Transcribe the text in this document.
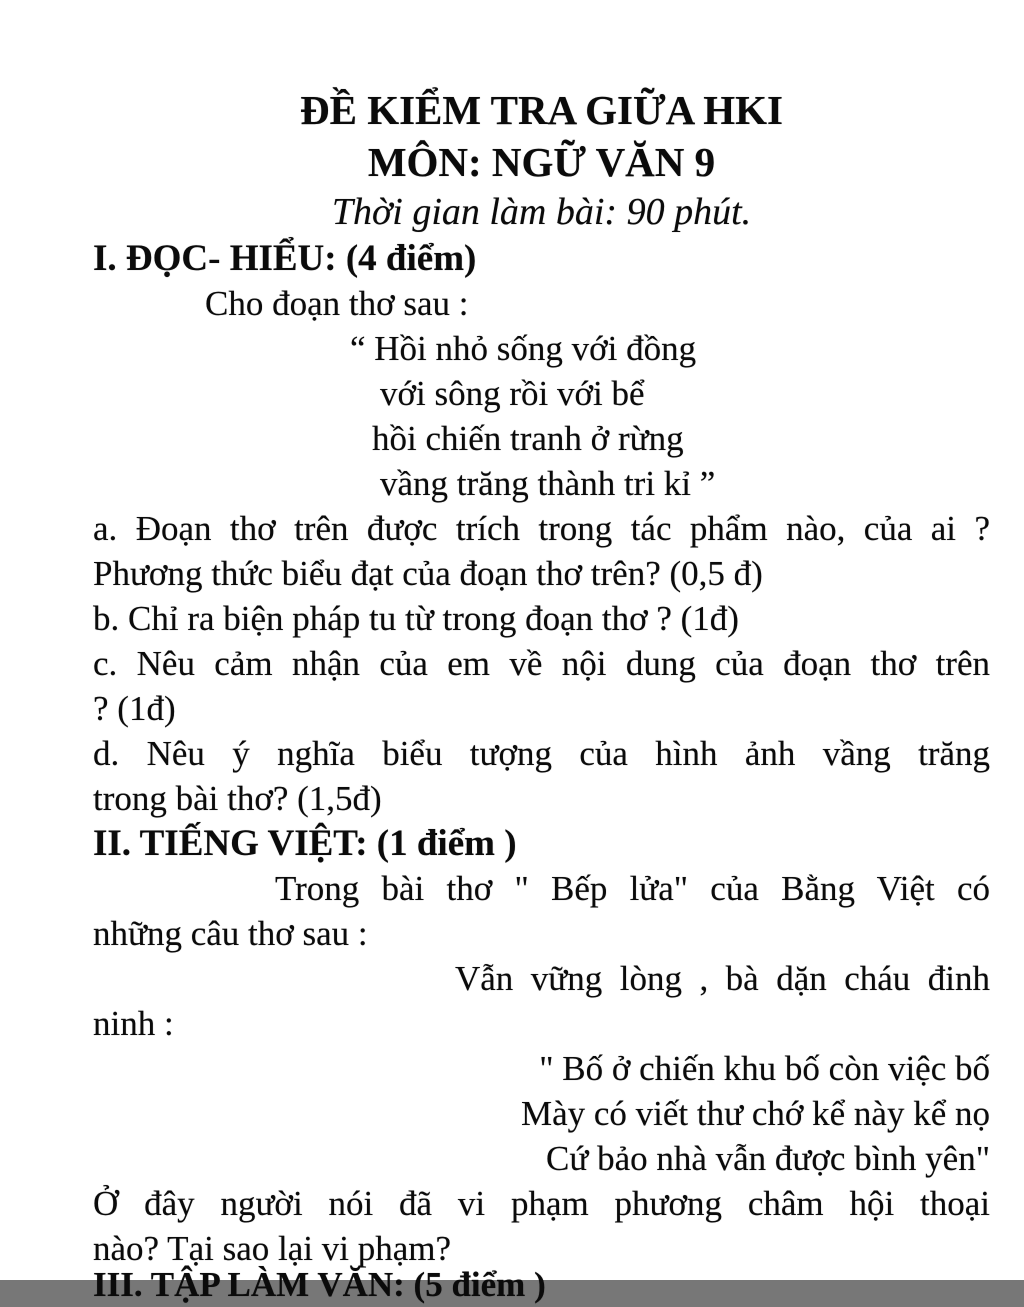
ĐỀ KIỂM TRA GIỮA HKI
MÔN: NGỮ VĂN 9
Thời gian làm bài: 90 phút.
I. ĐỌC- HIỂU: (4 điểm)
Cho đoạn thơ sau :
“ Hồi nhỏ sống với đồng
với sông rồi với bể
hồi chiến tranh ở rừng
vầng trăng thành tri kỉ ”
a. Đoạn thơ trên được trích trong tác phẩm nào, của ai ?
Phương thức biểu đạt của đoạn thơ trên? (0,5 đ)
b. Chỉ ra biện pháp tu từ trong đoạn thơ ? (1đ)
c. Nêu cảm nhận của em về nội dung của đoạn thơ trên
? (1đ)
d. Nêu ý nghĩa biểu tượng của hình ảnh vầng trăng
trong bài thơ? (1,5đ)
II. TIẾNG VIỆT: (1 điểm )
Trong bài thơ " Bếp lửa" của Bằng Việt có
những câu thơ sau :
Vẫn vững lòng , bà dặn cháu đinh
ninh :
" Bố ở chiến khu bố còn việc bố
Mày có viết thư chớ kể này kể nọ
Cứ bảo nhà vẫn được bình yên"
Ở đây người nói đã vi phạm phương châm hội thoại
nào? Tại sao lại vi phạm?
III. TẬP LÀM VĂN: (5 điểm )
